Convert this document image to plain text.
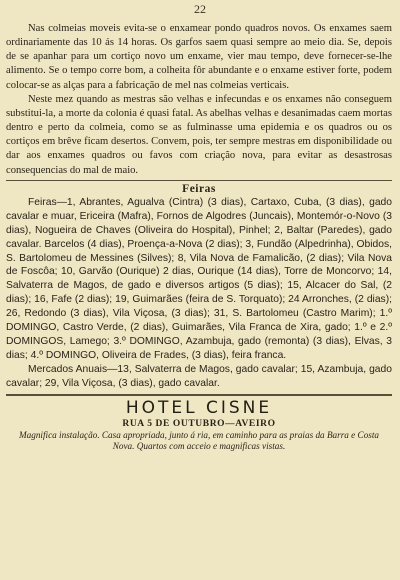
22

Nas colmeias moveis evita-se o enxamear pondo quadros novos. Os enxames saem ordinariamente das 10 ás 14 horas. Os garfos saem quasi sempre ao meio dia. Se, depois de se apanhar para um cortiço novo um enxame, vier mau tempo, deve fornecer-se-lhe alimento. Se o tempo corre bom, a colheita fôr abundante e o enxame estiver forte, podem colocar-se as alças para a fabricação de mel nas colmeias verticais.

Neste mez quando as mestras são velhas e infecundas e os enxames não conseguem substitui-la, a morte da colonia é quasi fatal. As abelhas velhas e desanimadas caem mortas dentro e perto da colmeia, como se as fulminasse uma epidemia e os quadros ou os cortiços em brêve ficam desertos. Convem, pois, ter sempre mestras em disponibilidade ou dar aos enxames quadros ou favos com criação nova, para evitar as desastrosas consequencias do mal de maio.

Feiras

Feiras—1, Abrantes, Agualva (Cintra) (3 dias), Cartaxo, Cuba, (3 dias), gado cavalar e muar, Ericeira (Mafra), Fornos de Algodres (Juncais), Montemór-o-Novo (3 dias), Nogueira de Chaves (Oliveira do Hospital), Pinhel; 2, Baltar (Paredes), gado cavalar. Barcelos (4 dias), Proença-a-Nova (2 dias); 3, Fundão (Alpedrinha), Obidos, S. Bartolomeu de Messines (Silves); 8, Vila Nova de Famalicão, (2 dias); Vila Nova de Foscôa; 10, Garvão (Ourique) 2 dias, Ourique (14 dias), Torre de Moncorvo; 14, Salvaterra de Magos, de gado e diversos artigos (5 dias); 15, Alcacer do Sal, (2 dias); 16, Fafe (2 dias); 19, Guimarães (feira de S. Torquato); 24 Arronches, (2 dias); 26, Redondo (3 dias), Vila Viçosa, (3 dias); 31, S. Bartolomeu (Castro Marim); 1.º DOMINGO, Castro Verde, (2 dias), Guimarães, Vila Franca de Xira, gado; 1.º e 2.º DOMINGOS, Lamego; 3.º DOMINGO, Azambuja, gado (remonta) (3 dias), Elvas, 3 dias; 4.º DOMINGO, Oliveira de Frades, (3 dias), feira franca.

Mercados Anuais—13, Salvaterra de Magos, gado cavalar; 15, Azambuja, gado cavalar; 29, Vila Viçosa, (3 dias), gado cavalar.

HOTEL CISNE
RUA 5 DE OUTUBRO—AVEIRO
Magnifica instalação. Casa apropriada, junto á ria, em caminho para as praias da Barra e Costa Nova. Quartos com acceio e magnificas vistas.
